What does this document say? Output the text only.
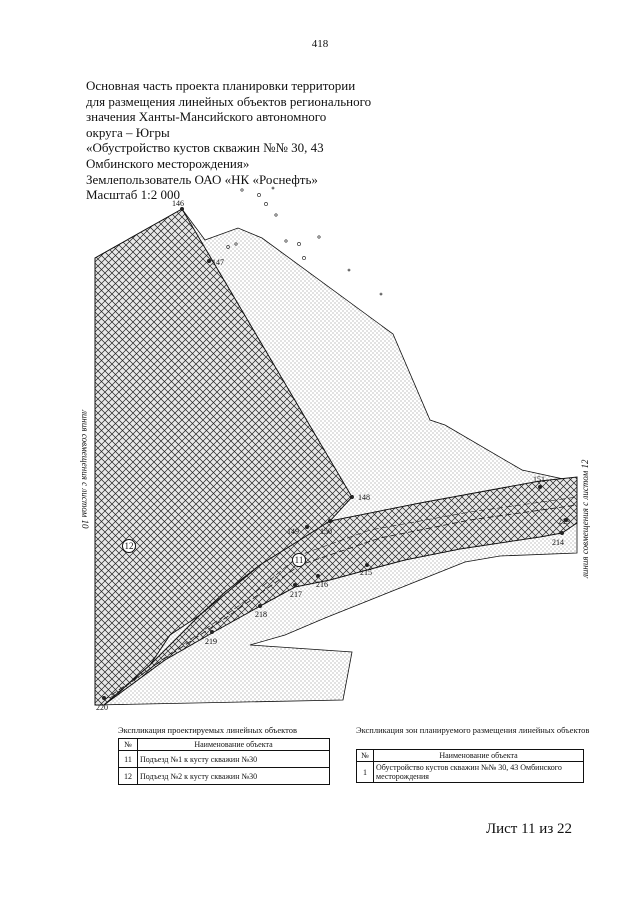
418
Основная часть проекта планировки территории
для размещения линейных объектов регионального
значения Ханты-Мансийского автономного
округа – Югры
«Обустройство кустов скважин №№ 30, 43
Омбинского месторождения»
Землепользователь ОАО «НК «Роснефть»
Масштаб 1:2 000
линия совмещения с листом 10	линия совмещения с листом 12
12
11
146
147
148
149	150
151
213
214
215
216
217
218
219
220
Экспликация проектируемых линейных объектов
№	Наименование объекта
11	Подъезд №1 к кусту скважин №30
12	Подъезд №2 к кусту скважин №30
Экспликация зон планируемого размещения линейных объектов
№	Наименование объекта
1	Обустройство кустов скважин №№ 30, 43 Омбинского месторождения
Лист 11 из 22
